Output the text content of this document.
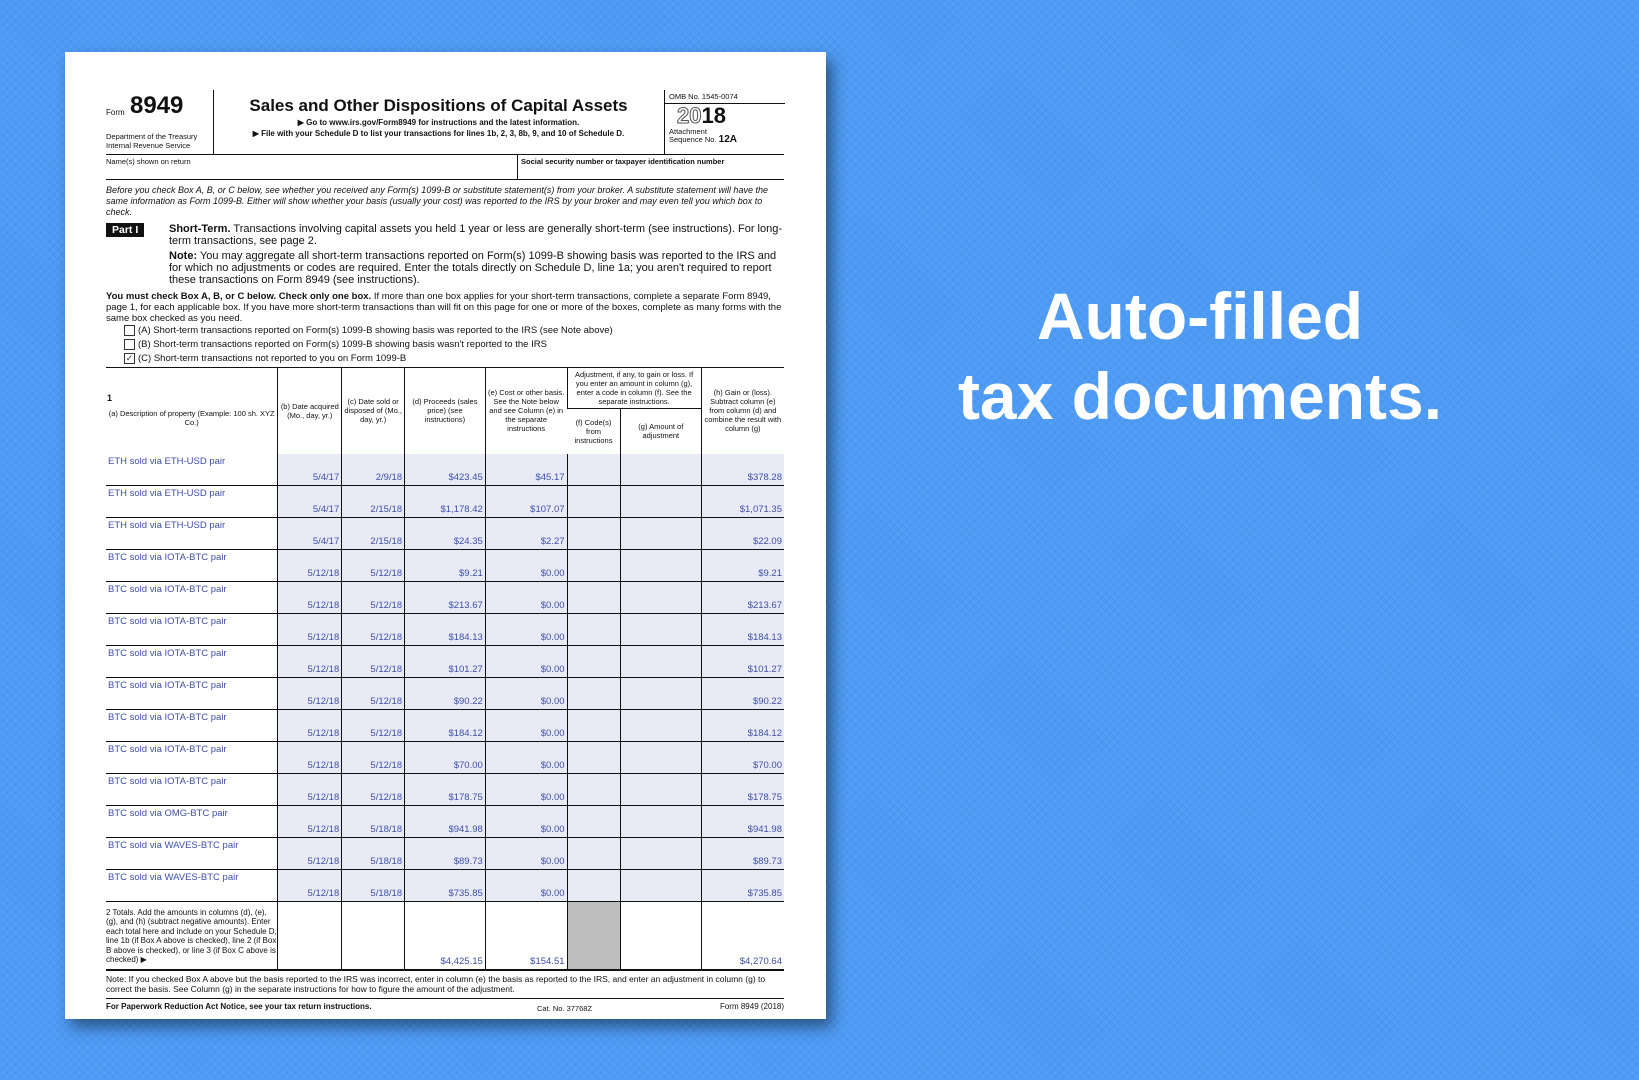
Form 8949
Department of the Treasury
Internal Revenue Service
Sales and Other Dispositions of Capital Assets
▶ Go to www.irs.gov/Form8949 for instructions and the latest information.
▶ File with your Schedule D to list your transactions for lines 1b, 2, 3, 8b, 9, and 10 of Schedule D.
OMB No. 1545-0074
2018
Attachment
Sequence No. 12A
Name(s) shown on return	Social security number or taxpayer identification number
Before you check Box A, B, or C below, see whether you received any Form(s) 1099-B or substitute statement(s) from your broker. A substitute statement will have the same information as Form 1099-B. Either will show whether your basis (usually your cost) was reported to the IRS by your broker and may even tell you which box to check.
Part I	Short-Term. Transactions involving capital assets you held 1 year or less are generally short-term (see instructions). For long-term transactions, see page 2.
Note: You may aggregate all short-term transactions reported on Form(s) 1099-B showing basis was reported to the IRS and for which no adjustments or codes are required. Enter the totals directly on Schedule D, line 1a; you aren't required to report these transactions on Form 8949 (see instructions).
You must check Box A, B, or C below. Check only one box. If more than one box applies for your short-term transactions, complete a separate Form 8949, page 1, for each applicable box. If you have more short-term transactions than will fit on this page for one or more of the boxes, complete as many forms with the same box checked as you need.
(A) Short-term transactions reported on Form(s) 1099-B showing basis was reported to the IRS (see Note above)
(B) Short-term transactions reported on Form(s) 1099-B showing basis wasn't reported to the IRS
✓ (C) Short-term transactions not reported to you on Form 1099-B
1
(a) Description of property (Example: 100 sh. XYZ Co.)	(b) Date acquired (Mo., day, yr.)	(c) Date sold or disposed of (Mo., day, yr.)	(d) Proceeds (sales price) (see instructions)	(e) Cost or other basis. See the Note below and see Column (e) in the separate instructions	Adjustment, if any, to gain or loss. If you enter an amount in column (g), enter a code in column (f). See the separate instructions.		(h) Gain or (loss). Subtract column (e) from column (d) and combine the result with column (g)
					(f) Code(s) from instructions	(g) Amount of adjustment	
ETH sold via ETH-USD pair	5/4/17	2/9/18	$423.45	$45.17			$378.28
ETH sold via ETH-USD pair	5/4/17	2/15/18	$1,178.42	$107.07			$1,071.35
ETH sold via ETH-USD pair	5/4/17	2/15/18	$24.35	$2.27			$22.09
BTC sold via IOTA-BTC pair	5/12/18	5/12/18	$9.21	$0.00			$9.21
BTC sold via IOTA-BTC pair	5/12/18	5/12/18	$213.67	$0.00			$213.67
BTC sold via IOTA-BTC pair	5/12/18	5/12/18	$184.13	$0.00			$184.13
BTC sold via IOTA-BTC pair	5/12/18	5/12/18	$101.27	$0.00			$101.27
BTC sold via IOTA-BTC pair	5/12/18	5/12/18	$90.22	$0.00			$90.22
BTC sold via IOTA-BTC pair	5/12/18	5/12/18	$184.12	$0.00			$184.12
BTC sold via IOTA-BTC pair	5/12/18	5/12/18	$70.00	$0.00			$70.00
BTC sold via IOTA-BTC pair	5/12/18	5/12/18	$178.75	$0.00			$178.75
BTC sold via OMG-BTC pair	5/12/18	5/18/18	$941.98	$0.00			$941.98
BTC sold via WAVES-BTC pair	5/12/18	5/18/18	$89.73	$0.00			$89.73
BTC sold via WAVES-BTC pair	5/12/18	5/18/18	$735.85	$0.00			$735.85
2 Totals. Add the amounts in columns (d), (e), (g), and (h) (subtract negative amounts). Enter each total here and include on your Schedule D, line 1b (if Box A above is checked), line 2 (if Box B above is checked), or line 3 (if Box C above is checked) ▶			$4,425.15	$154.51			$4,270.64
Note: If you checked Box A above but the basis reported to the IRS was incorrect, enter in column (e) the basis as reported to the IRS, and enter an adjustment in column (g) to correct the basis. See Column (g) in the separate instructions for how to figure the amount of the adjustment.
For Paperwork Reduction Act Notice, see your tax return instructions.	Cat. No. 37768Z	Form 8949 (2018)
Auto-filled
tax documents.
